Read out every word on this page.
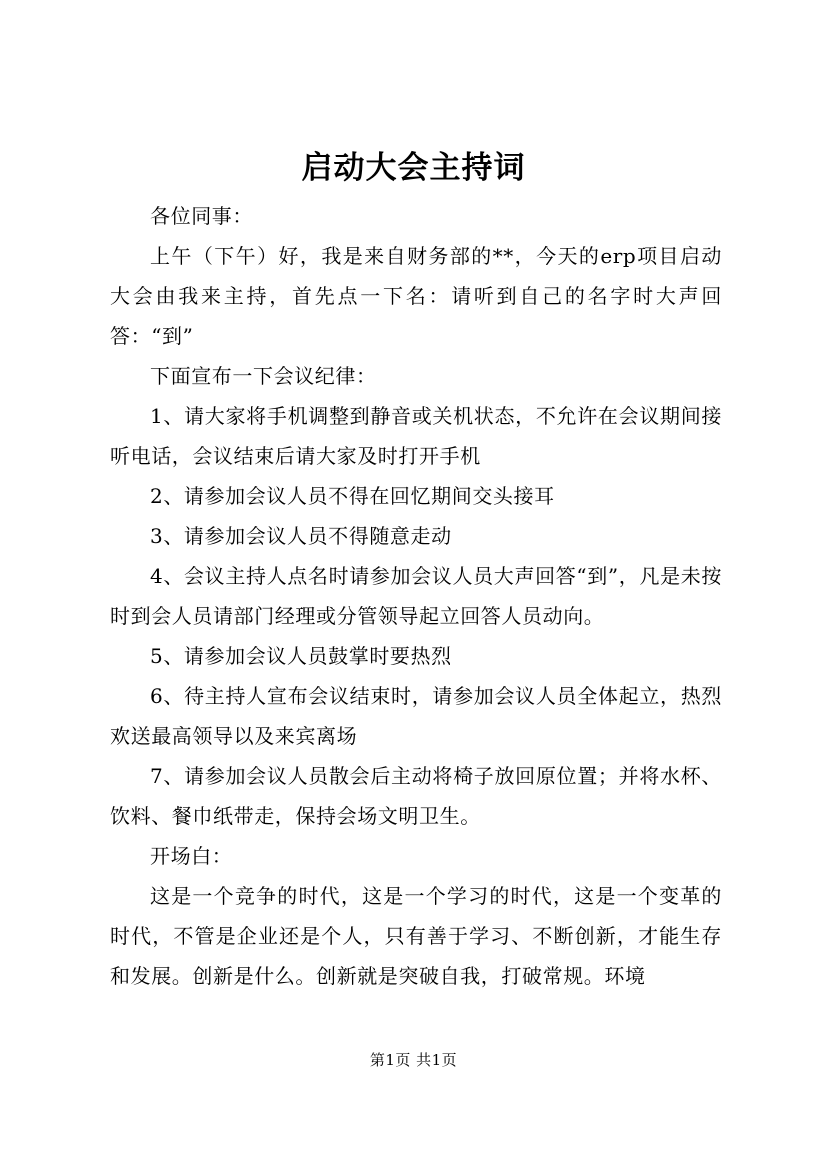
启动大会主持词

各位同事：

上午（下午）好，我是来自财务部的**，今天的erp项目启动大会由我来主持，首先点一下名：请听到自己的名字时大声回答：“到”

下面宣布一下会议纪律：

1、请大家将手机调整到静音或关机状态，不允许在会议期间接听电话，会议结束后请大家及时打开手机

2、请参加会议人员不得在回忆期间交头接耳

3、请参加会议人员不得随意走动

4、会议主持人点名时请参加会议人员大声回答“到”，凡是未按时到会人员请部门经理或分管领导起立回答人员动向。

5、请参加会议人员鼓掌时要热烈

6、待主持人宣布会议结束时，请参加会议人员全体起立，热烈欢送最高领导以及来宾离场

7、请参加会议人员散会后主动将椅子放回原位置；并将水杯、饮料、餐巾纸带走，保持会场文明卫生。

开场白：

这是一个竞争的时代，这是一个学习的时代，这是一个变革的时代，不管是企业还是个人，只有善于学习、不断创新，才能生存和发展。创新是什么。创新就是突破自我，打破常规。环境

第1页 共1页
